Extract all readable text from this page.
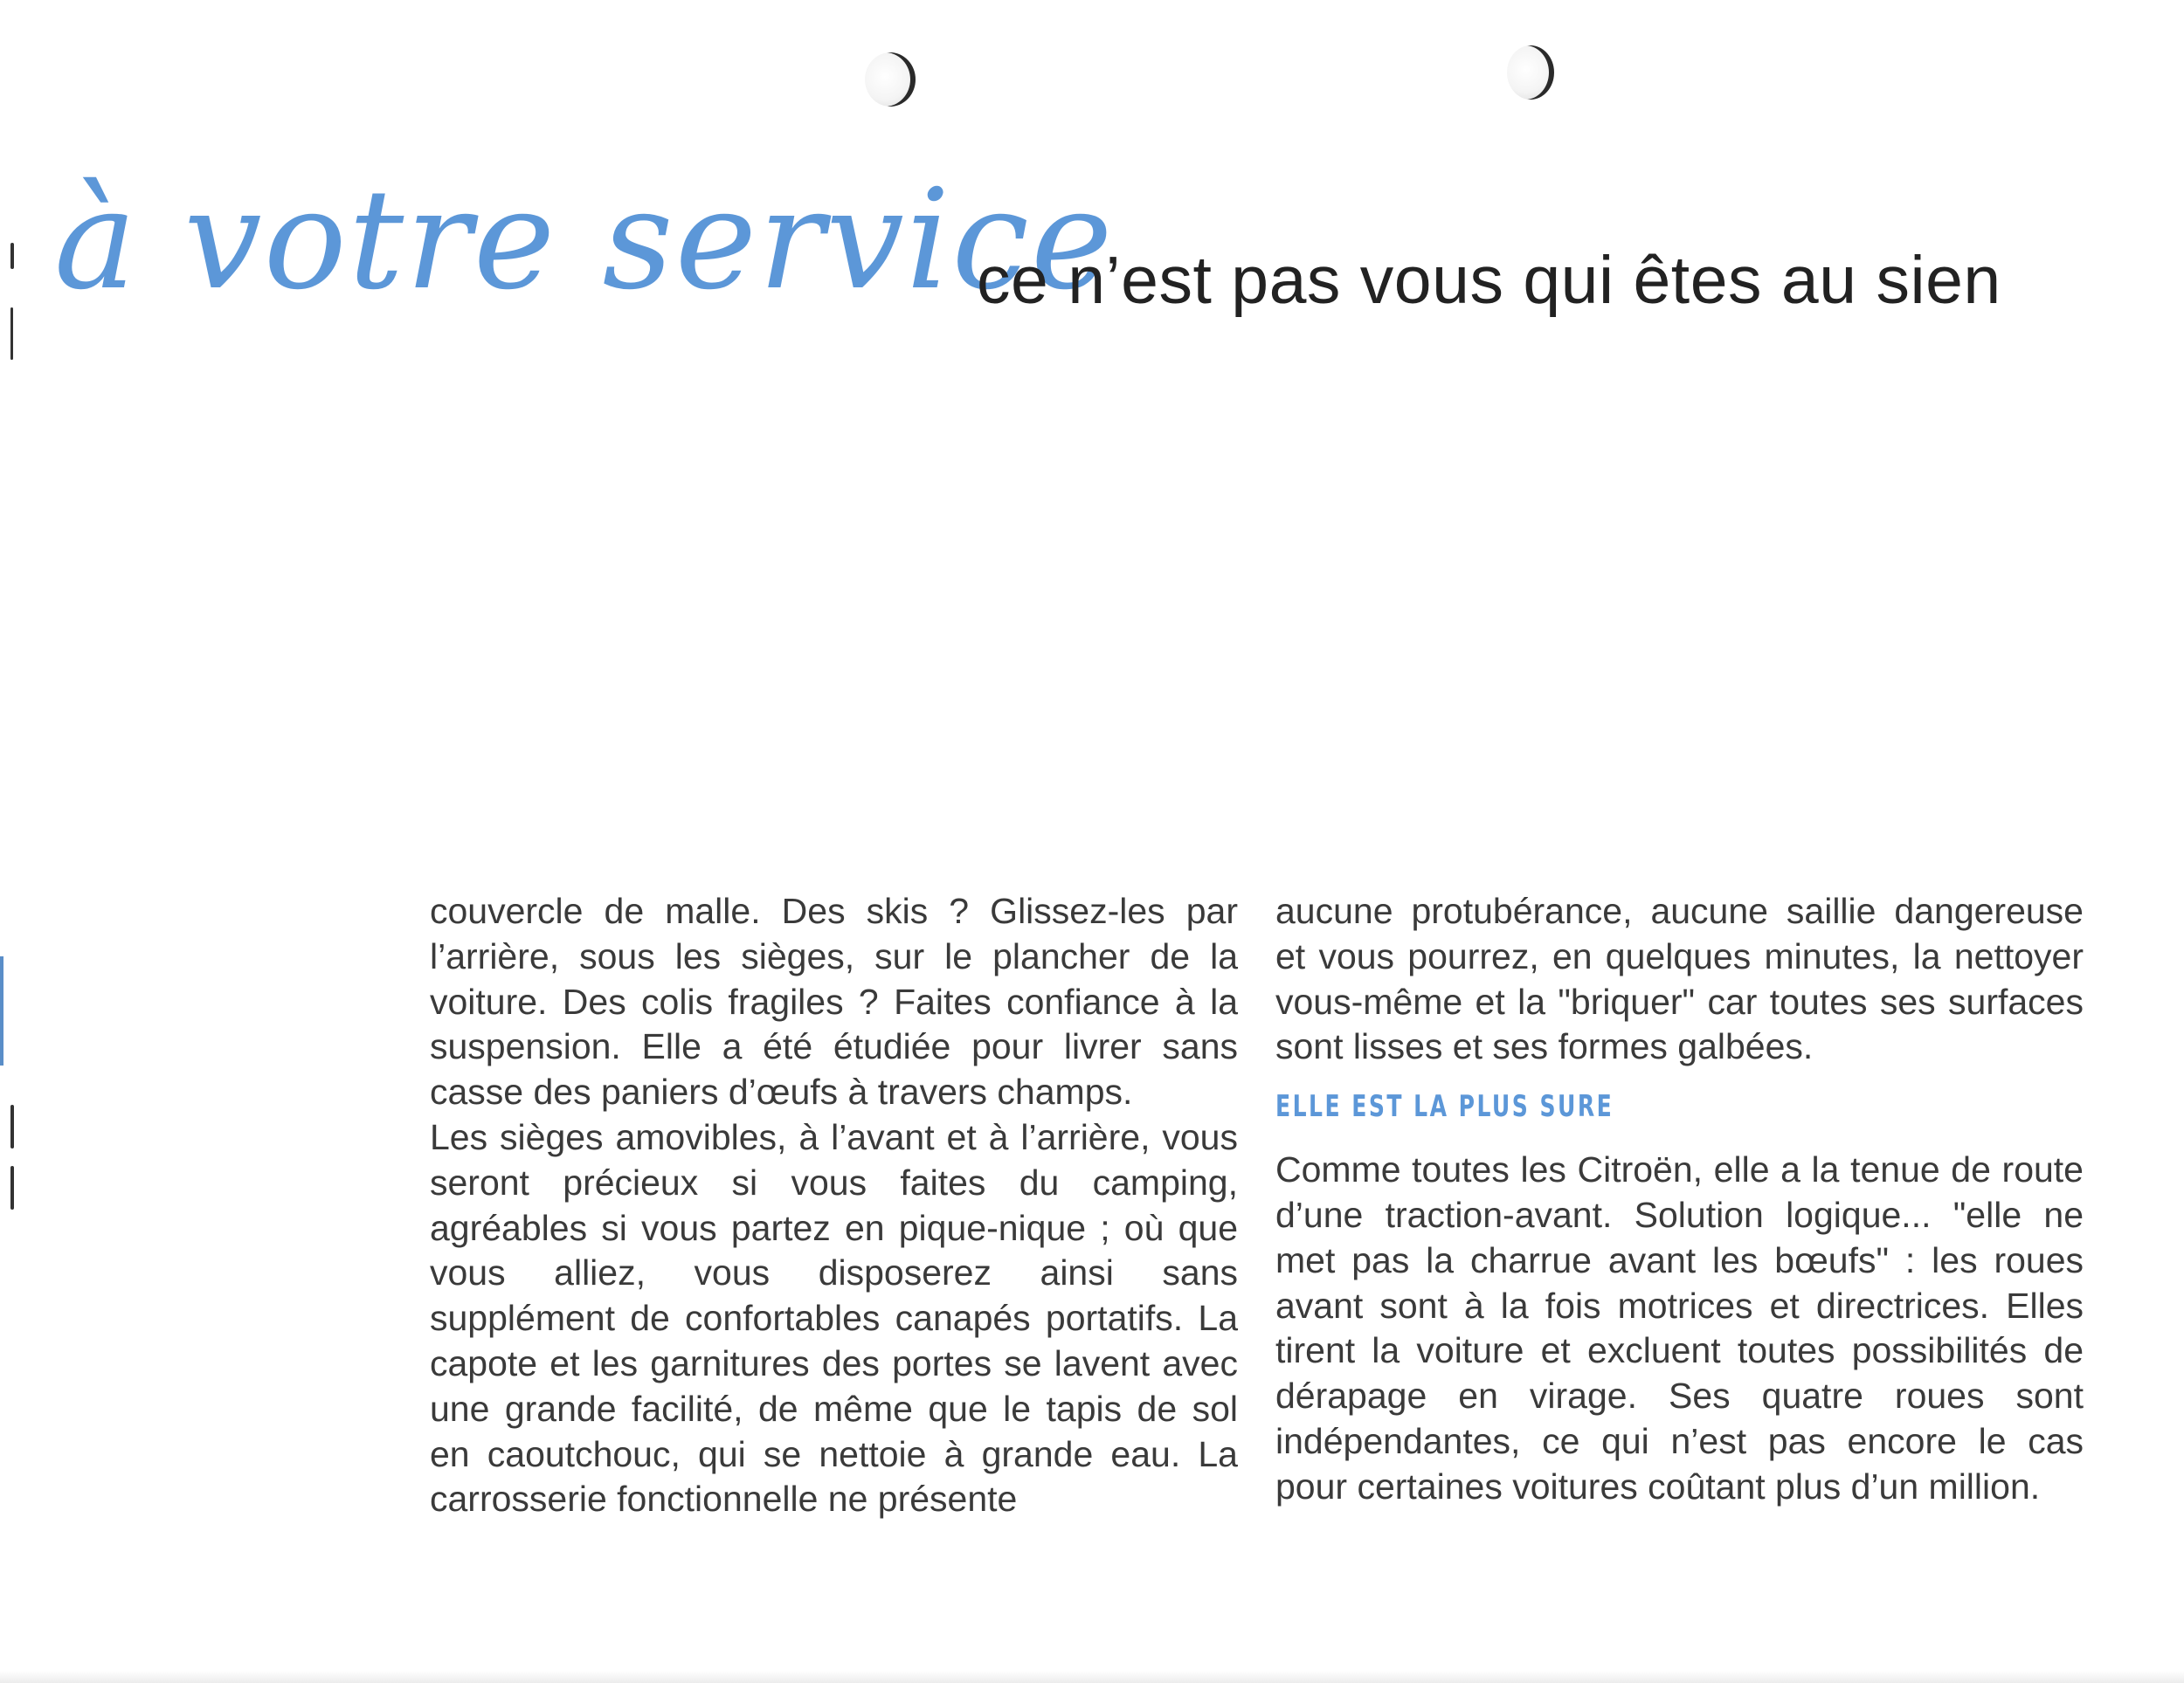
à votre service
ce n’est pas vous qui êtes au sien

couvercle de malle. Des skis ? Glissez-les par l’arrière, sous les sièges, sur le plancher de la voiture. Des colis fragiles ? Faites confiance à la suspension. Elle a été étudiée pour livrer sans casse des paniers d’œufs à travers champs.

Les sièges amovibles, à l’avant et à l’arrière, vous seront précieux si vous faites du camping, agréables si vous partez en pique-nique ; où que vous alliez, vous disposerez ainsi sans supplément de confortables canapés portatifs. La capote et les garnitures des portes se lavent avec une grande facilité, de même que le tapis de sol en caoutchouc, qui se nettoie à grande eau. La carrosserie fonctionnelle ne présente

aucune protubérance, aucune saillie dangereuse et vous pourrez, en quelques minutes, la nettoyer vous-même et la "briquer" car toutes ses surfaces sont lisses et ses formes galbées.

ELLE EST LA PLUS SURE

Comme toutes les Citroën, elle a la tenue de route d’une traction-avant. Solution logique... "elle ne met pas la charrue avant les bœufs" : les roues avant sont à la fois motrices et directrices. Elles tirent la voiture et excluent toutes possibilités de dérapage en virage. Ses quatre roues sont indépendantes, ce qui n’est pas encore le cas pour certaines voitures coûtant plus d’un million.
